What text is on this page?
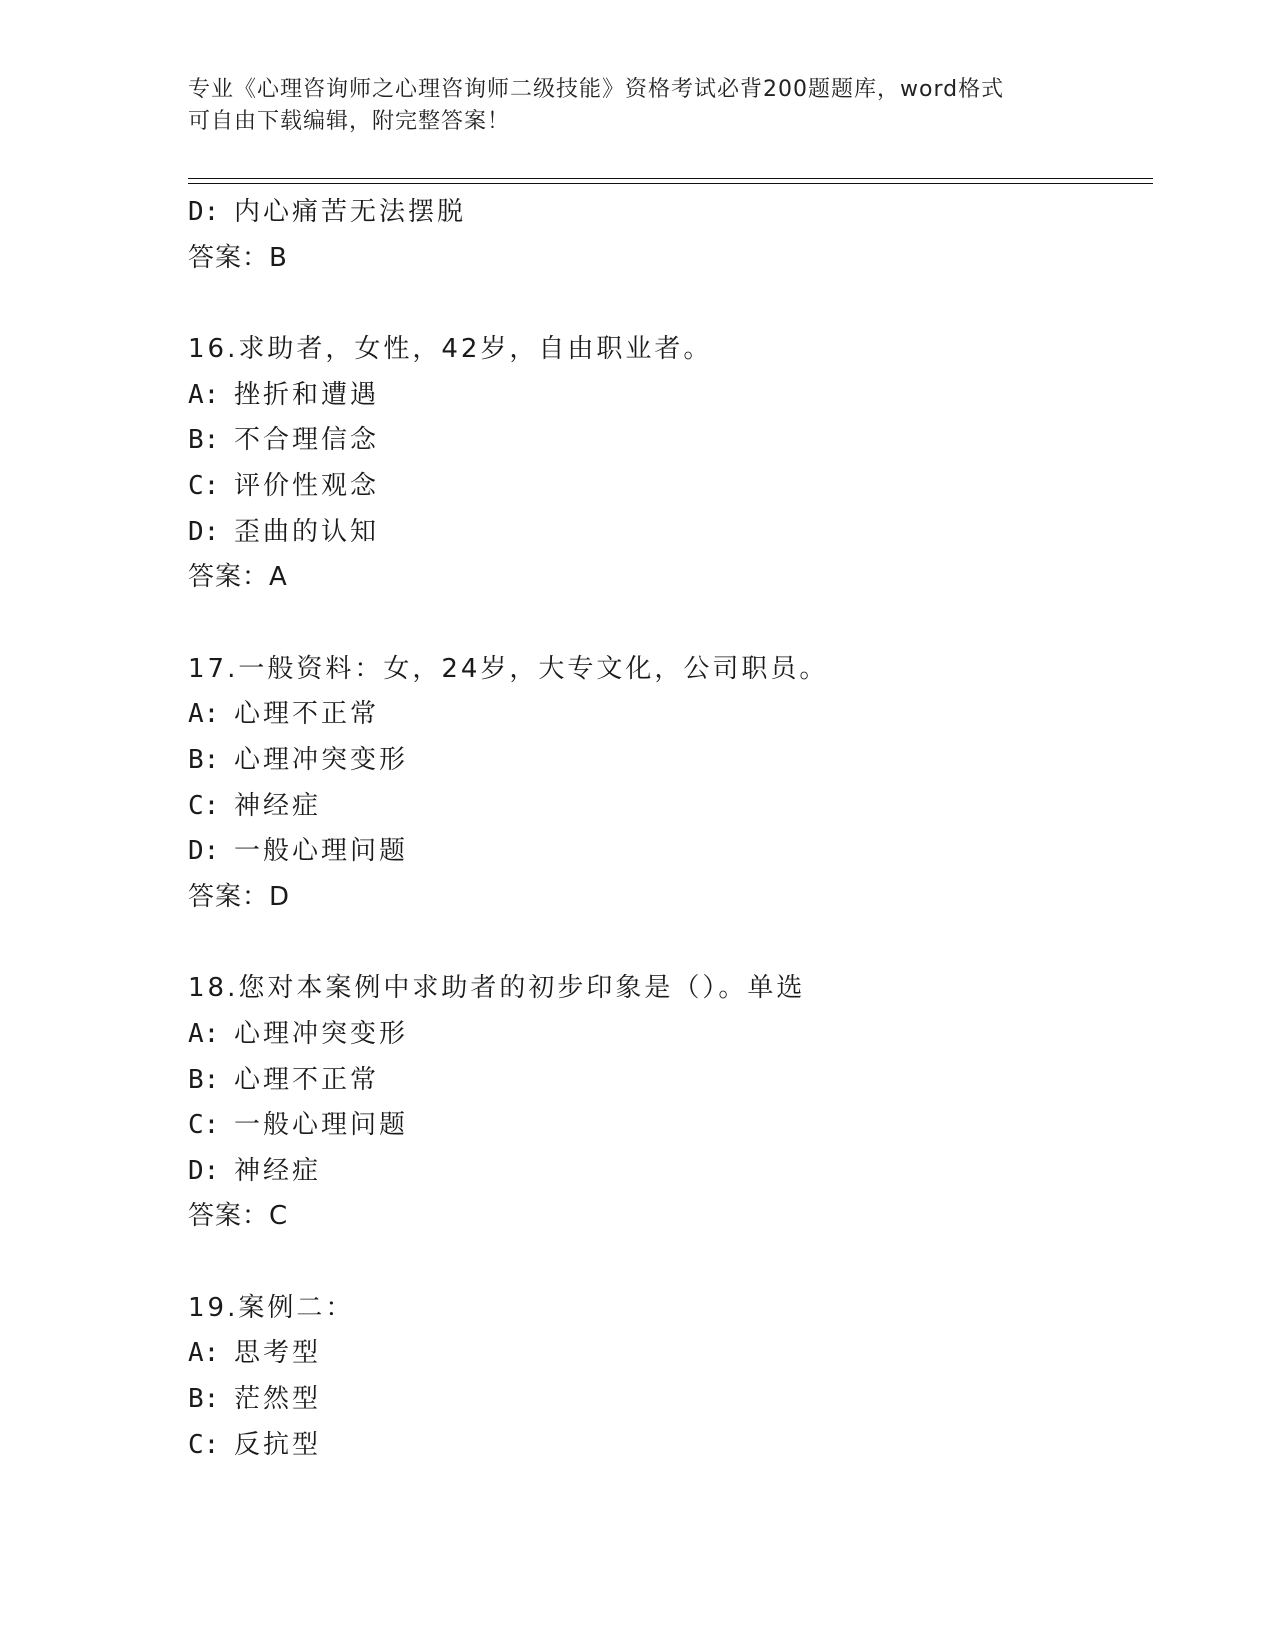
专业《心理咨询师之心理咨询师二级技能》资格考试必背200题题库，word格式
可自由下载编辑，附完整答案！
D: 内心痛苦无法摆脱
答案：B
16.求助者，女性，42岁，自由职业者。
A: 挫折和遭遇
B: 不合理信念
C: 评价性观念
D: 歪曲的认知
答案：A
17.一般资料：女，24岁，大专文化，公司职员。
A: 心理不正常
B: 心理冲突变形
C: 神经症
D: 一般心理问题
答案：D
18.您对本案例中求助者的初步印象是（）。单选
A: 心理冲突变形
B: 心理不正常
C: 一般心理问题
D: 神经症
答案：C
19.案例二：
A: 思考型
B: 茫然型
C: 反抗型
